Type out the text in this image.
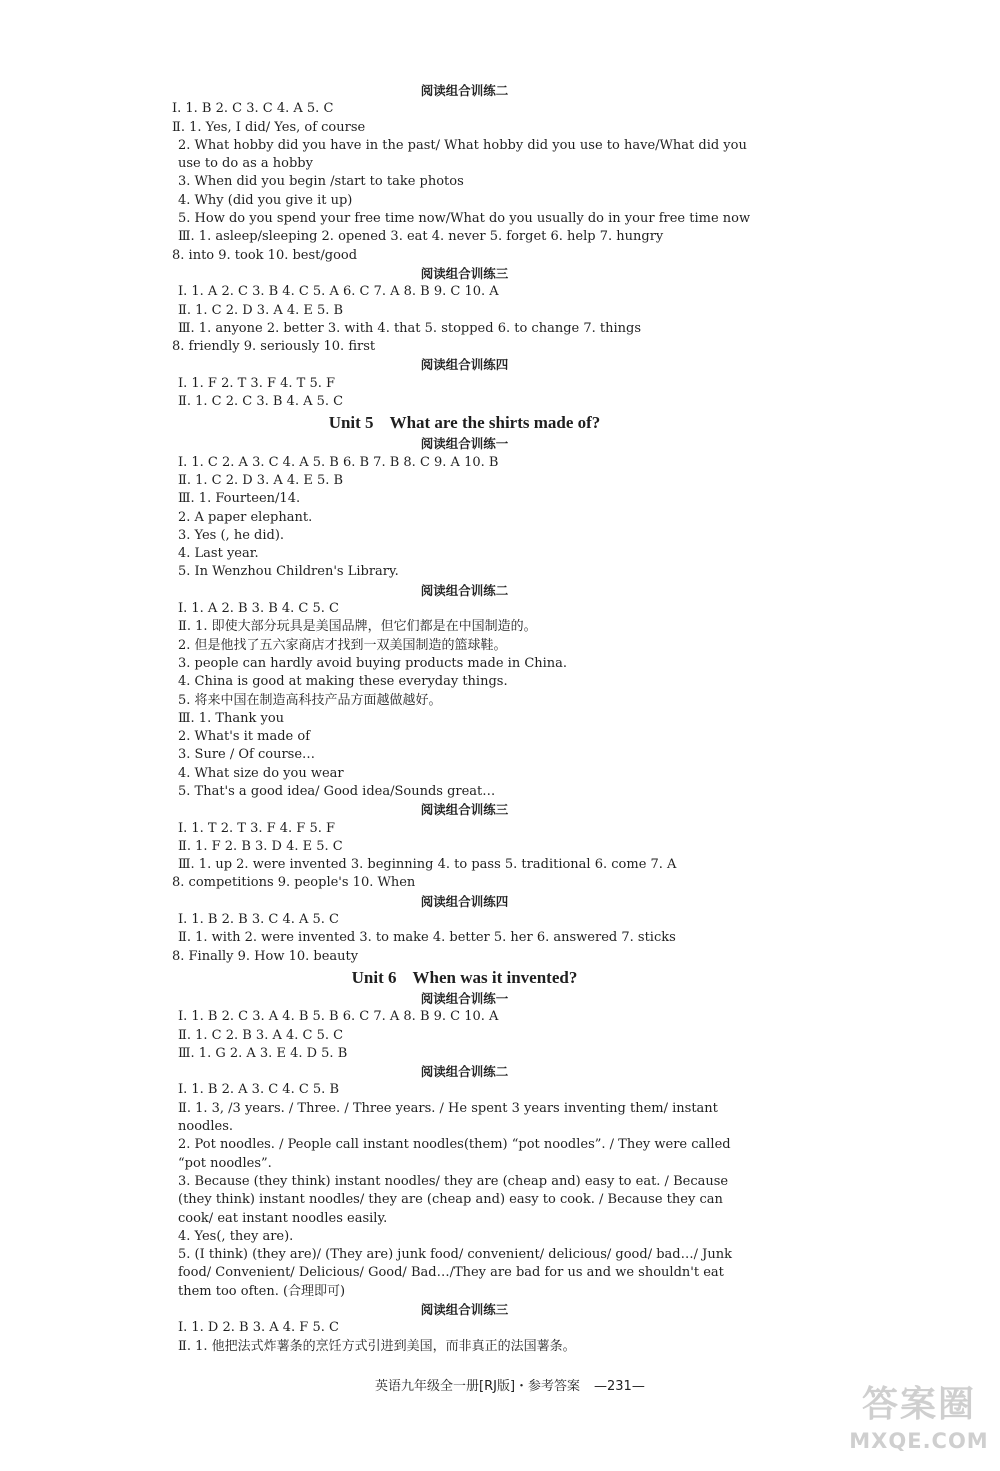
阅读组合训练二
Ⅰ. 1. B 2. C 3. C 4. A 5. C
Ⅱ. 1. Yes, I did/ Yes, of course
2. What hobby did you have in the past/ What hobby did you use to have/What did you use to do as a hobby
3. When did you begin /start to take photos
4. Why (did you give it up)
5. How do you spend your free time now/What do you usually do in your free time now
Ⅲ. 1. asleep/sleeping 2. opened 3. eat 4. never 5. forget 6. help 7. hungry
8. into 9. took 10. best/good
阅读组合训练三
Ⅰ. 1. A 2. C 3. B 4. C 5. A 6. C 7. A 8. B 9. C 10. A
Ⅱ. 1. C 2. D 3. A 4. E 5. B
Ⅲ. 1. anyone 2. better 3. with 4. that 5. stopped 6. to change 7. things
8. friendly 9. seriously 10. first
阅读组合训练四
Ⅰ. 1. F 2. T 3. F 4. T 5. F
Ⅱ. 1. C 2. C 3. B 4. A 5. C
Unit 5 What are the shirts made of?
阅读组合训练一
Ⅰ. 1. C 2. A 3. C 4. A 5. B 6. B 7. B 8. C 9. A 10. B
Ⅱ. 1. C 2. D 3. A 4. E 5. B
Ⅲ. 1. Fourteen/14.
2. A paper elephant.
3. Yes (, he did).
4. Last year.
5. In Wenzhou Children's Library.
阅读组合训练二
Ⅰ. 1. A 2. B 3. B 4. C 5. C
Ⅱ. 1. 即使大部分玩具是美国品牌，但它们都是在中国制造的。
2. 但是他找了五六家商店才找到一双美国制造的篮球鞋。
3. people can hardly avoid buying products made in China.
4. China is good at making these everyday things.
5. 将来中国在制造高科技产品方面越做越好。
Ⅲ. 1. Thank you
2. What's it made of
3. Sure / Of course…
4. What size do you wear
5. That's a good idea/ Good idea/Sounds great…
阅读组合训练三
Ⅰ. 1. T 2. T 3. F 4. F 5. F
Ⅱ. 1. F 2. B 3. D 4. E 5. C
Ⅲ. 1. up 2. were invented 3. beginning 4. to pass 5. traditional 6. come 7. A
8. competitions 9. people's 10. When
阅读组合训练四
Ⅰ. 1. B 2. B 3. C 4. A 5. C
Ⅱ. 1. with 2. were invented 3. to make 4. better 5. her 6. answered 7. sticks
8. Finally 9. How 10. beauty
Unit 6 When was it invented?
阅读组合训练一
Ⅰ. 1. B 2. C 3. A 4. B 5. B 6. C 7. A 8. B 9. C 10. A
Ⅱ. 1. C 2. B 3. A 4. C 5. C
Ⅲ. 1. G 2. A 3. E 4. D 5. B
阅读组合训练二
Ⅰ. 1. B 2. A 3. C 4. C 5. B
Ⅱ. 1. 3, /3 years. / Three. / Three years. / He spent 3 years inventing them/ instant noodles.
2. Pot noodles. / People call instant noodles(them) “pot noodles”. / They were called “pot noodles”.
3. Because (they think) instant noodles/ they are (cheap and) easy to eat. / Because (they think) instant noodles/ they are (cheap and) easy to cook. / Because they can cook/ eat instant noodles easily.
4. Yes(, they are).
5. (I think) (they are)/ (They are) junk food/ convenient/ delicious/ good/ bad…/ Junk food/ Convenient/ Delicious/ Good/ Bad…/They are bad for us and we shouldn't eat them too often. (合理即可)
阅读组合训练三
Ⅰ. 1. D 2. B 3. A 4. F 5. C
Ⅱ. 1. 他把法式炸薯条的烹饪方式引进到美国，而非真正的法国薯条。
英语九年级全一册[RJ版]・参考答案 —231—	答案圈
MXQE.COM
